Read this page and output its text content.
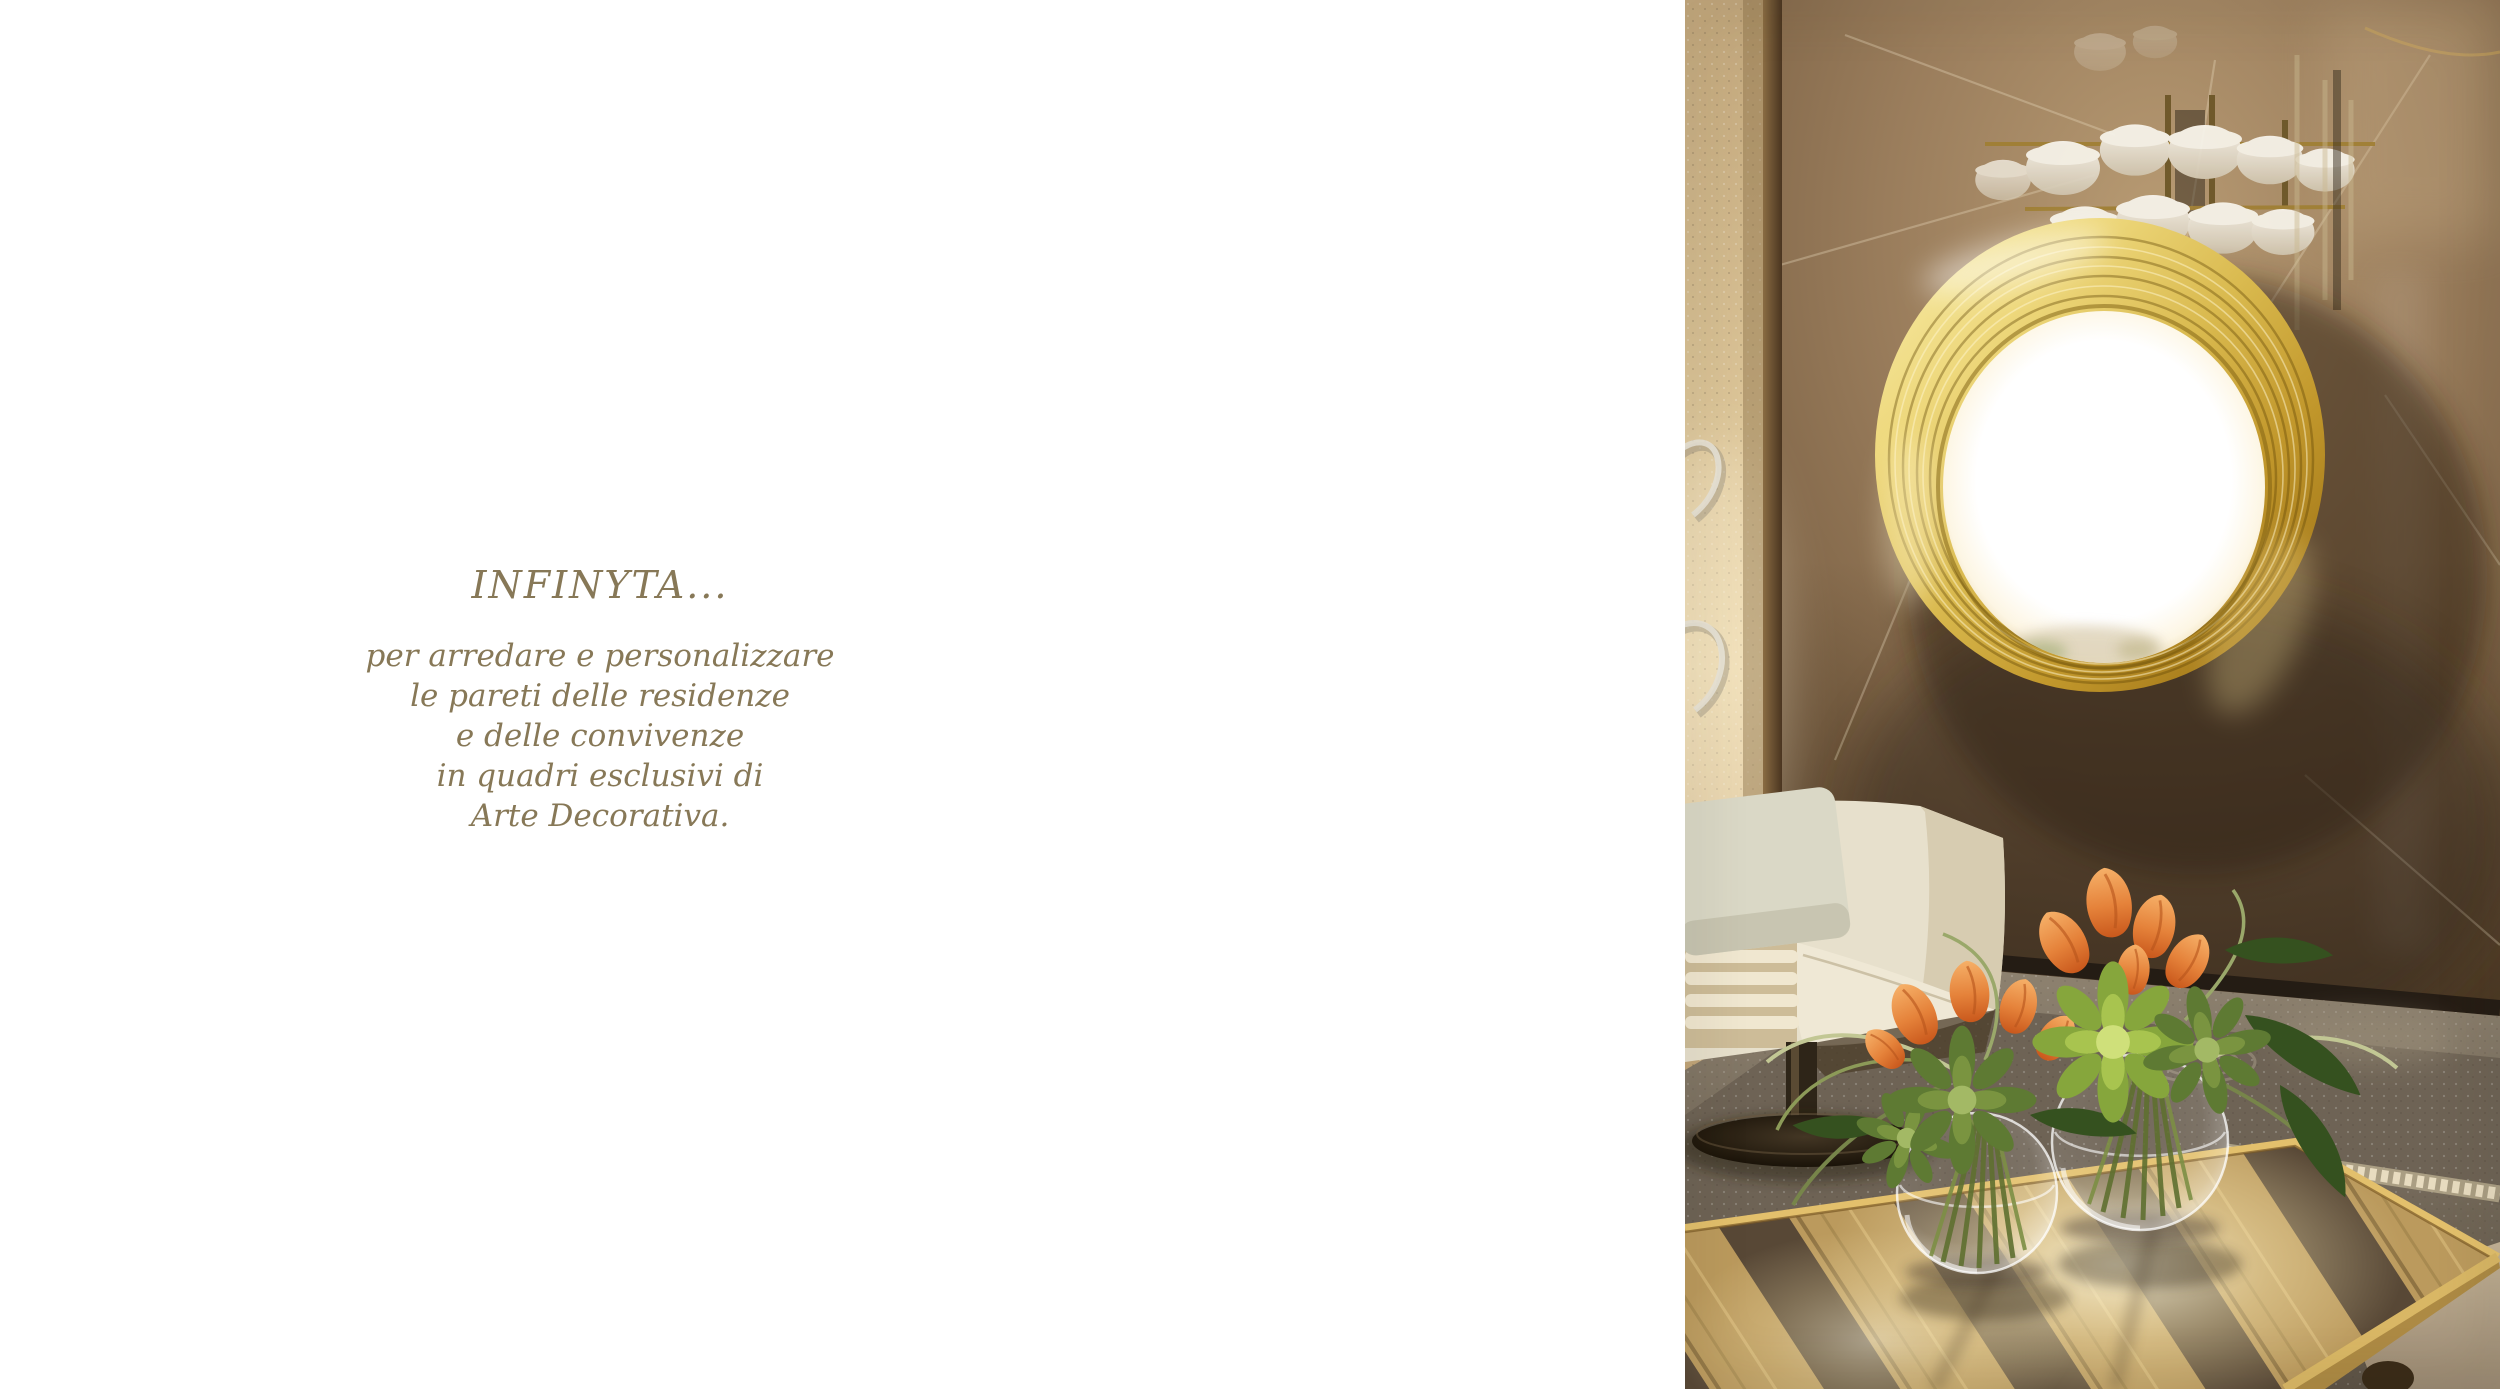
INFINYTA...

per arredare e personalizzare
le pareti delle residenze
e delle convivenze
in quadri esclusivi di
Arte Decorativa.
